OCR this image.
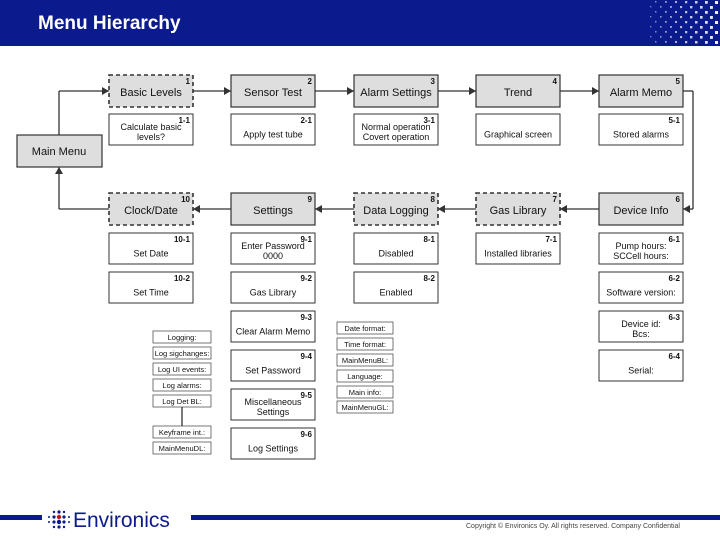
Menu Hierarchy
Main Menu
Basic Levels
1
1-1
Calculate basic
levels?
Sensor Test
2
2-1
Apply test tube
Alarm Settings
3
3-1
Normal operation
Covert operation
Trend
4
Graphical screen
Alarm Memo
5
5-1
Stored alarms
Clock/Date
10
10-1
Set Date
10-2
Set Time
Settings
9
9-1
Enter Password
0000
9-2
Gas Library
9-3
Clear Alarm Memo
9-4
Set Password
9-5
Miscellaneous
Settings
9-6
Log Settings
Data Logging
8
8-1
Disabled
8-2
Enabled
Gas Library
7
7-1
Installed libraries
Device Info
6
6-1
Pump hours:
SCCell hours:
6-2
Software version:
6-3
Device id:
Bcs:
6-4
Serial:
Logging:
Log sigchanges:
Log UI events:
Log alarms:
Log Det BL:
Keyframe int.:
MainMenuDL:
Date format:
Time format:
MainMenuBL:
Language:
Main info:
MainMenuGL:
Environics	Copyright © Environics Oy. All rights reserved. Company Confidential
